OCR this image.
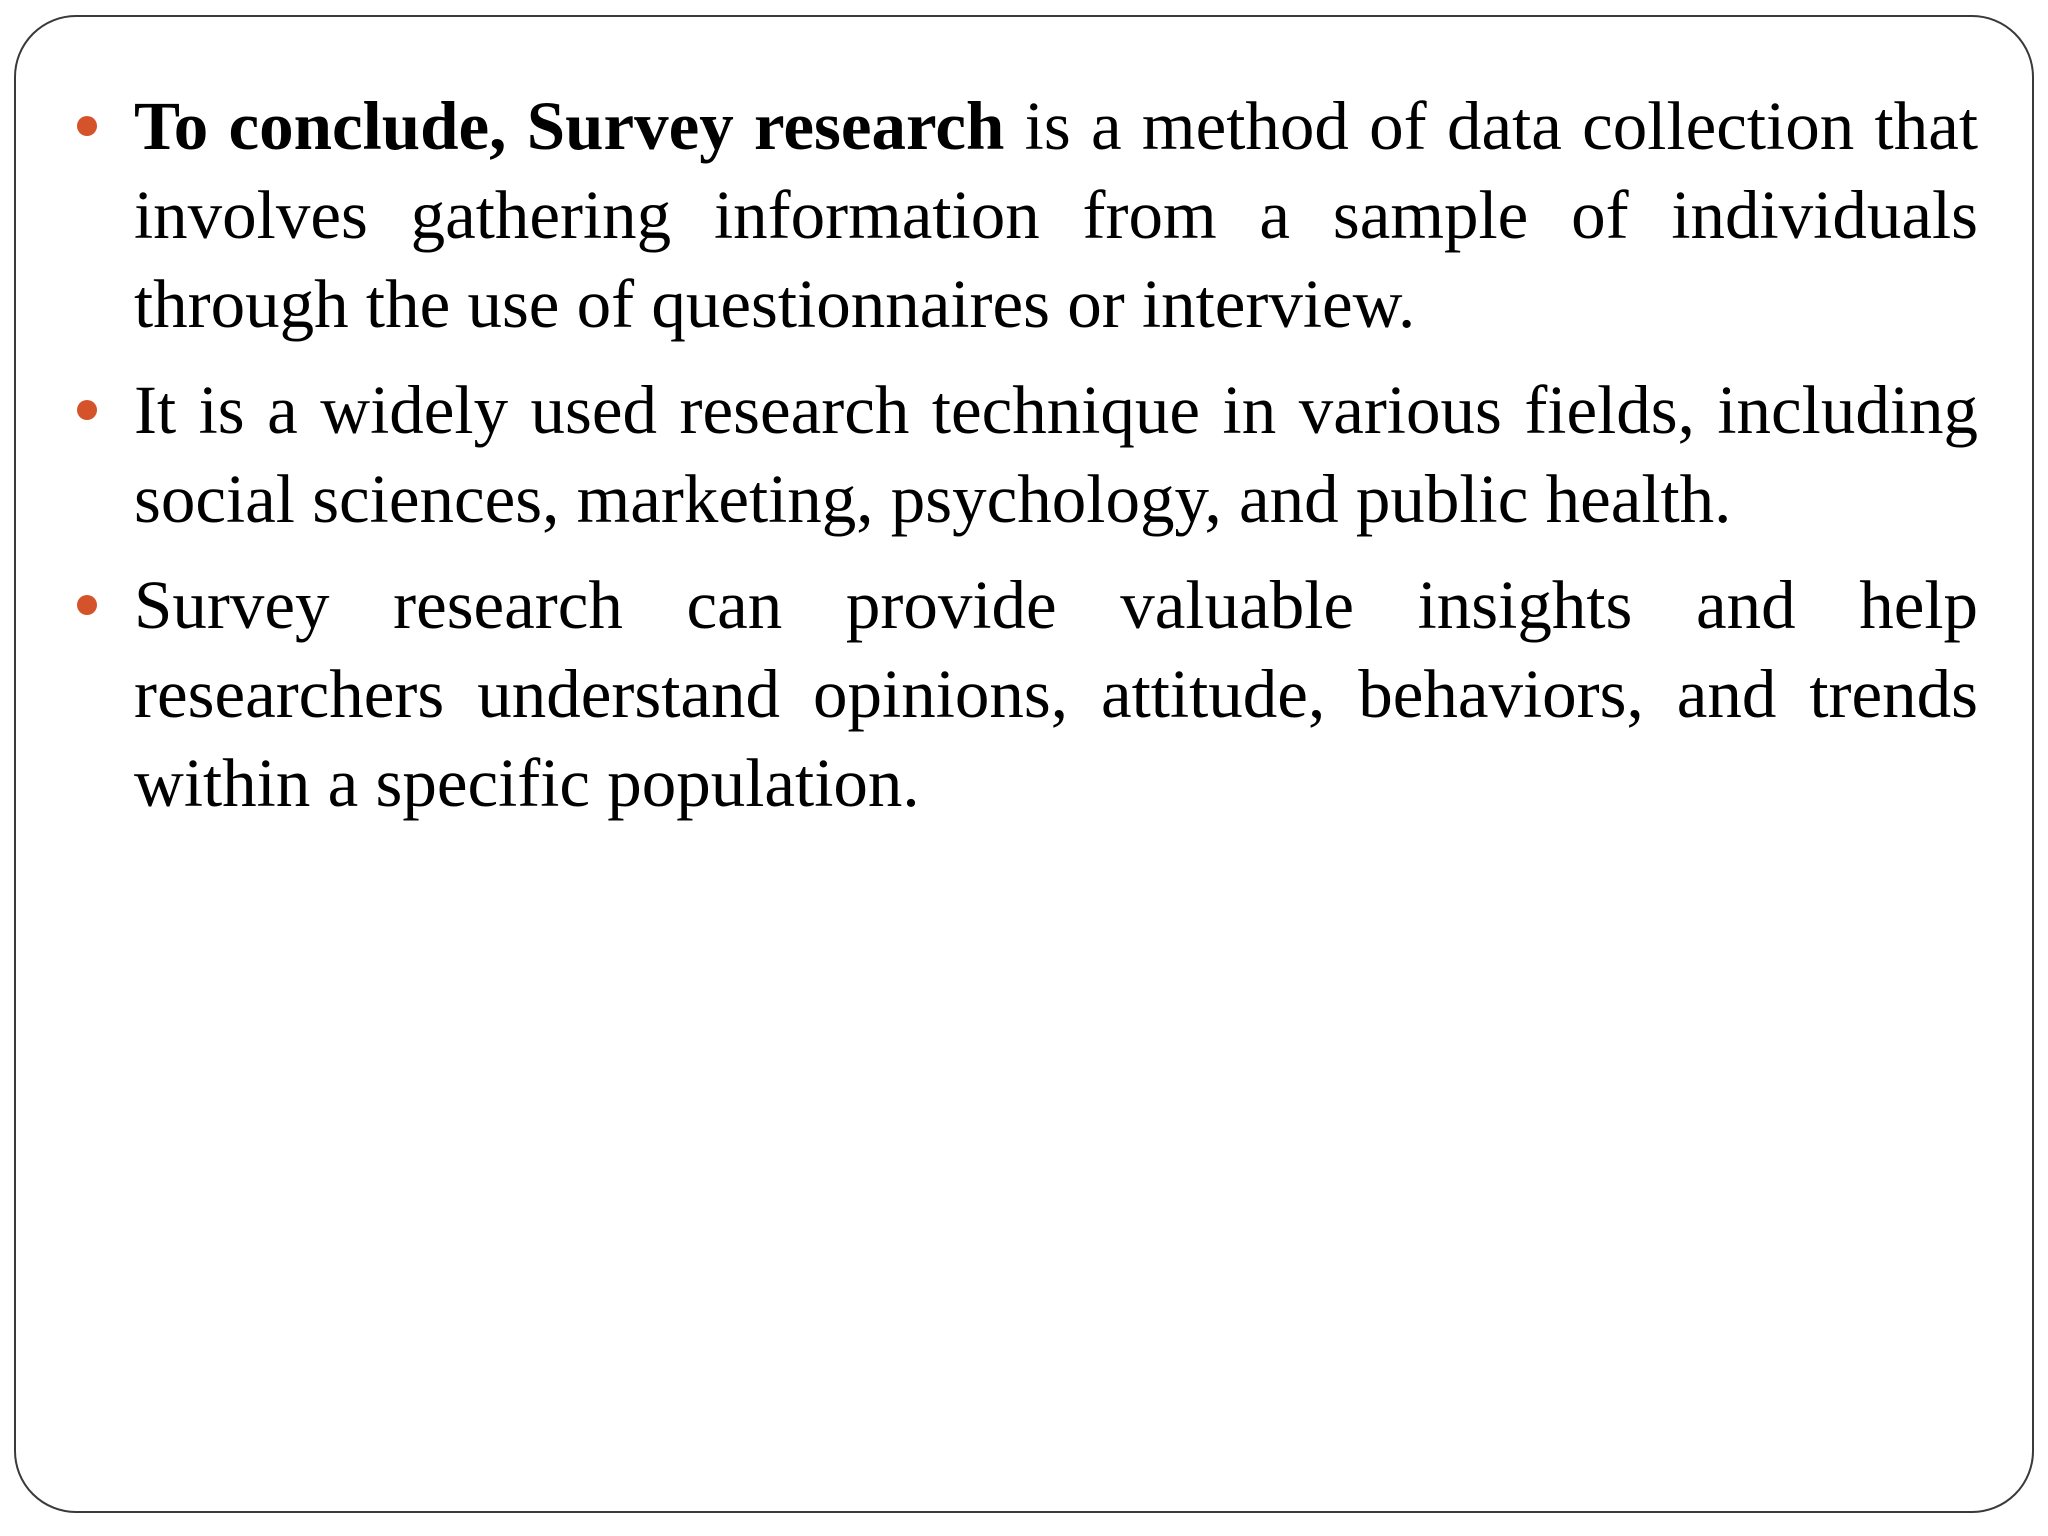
To conclude, Survey research is a method of data collection that involves gathering information from a sample of individuals through the use of questionnaires or interview.
It is a widely used research technique in various fields, including social sciences, marketing, psychology, and public health.
Survey research can provide valuable insights and help researchers understand opinions, attitude, behaviors, and trends within a specific population.
